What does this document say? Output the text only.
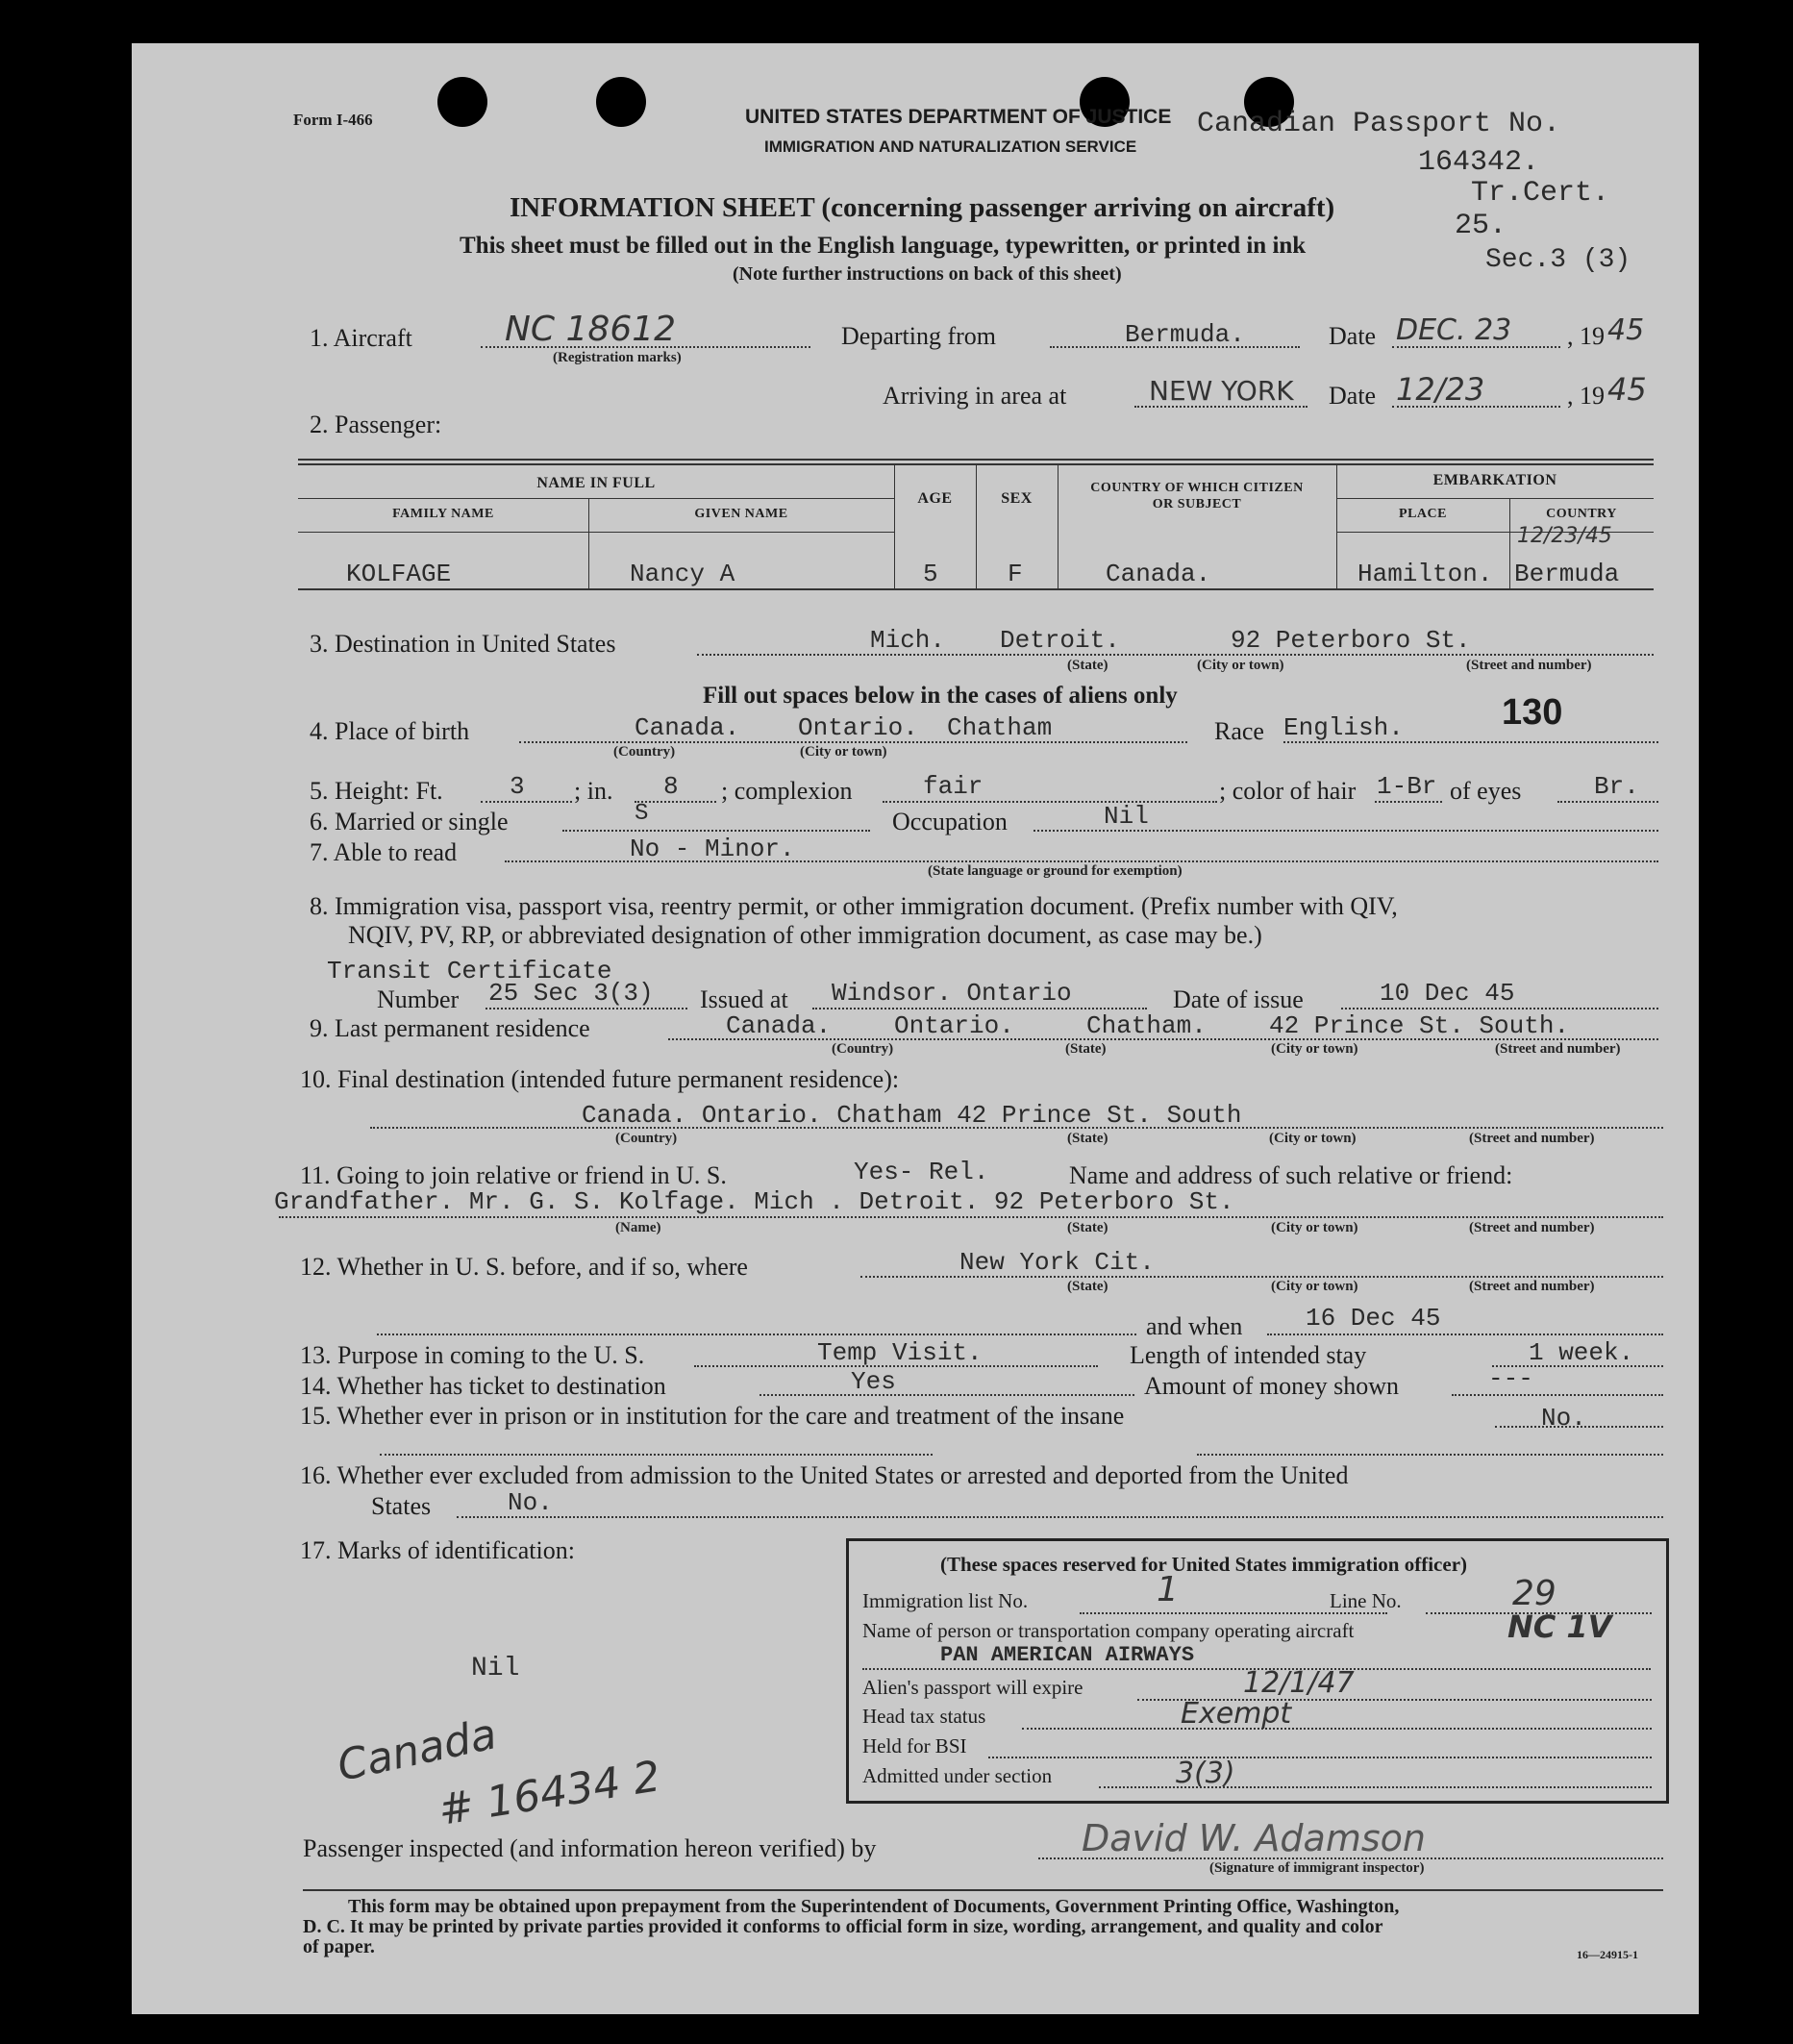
Form I-466	UNITED STATES DEPARTMENT OF JUSTICE
IMMIGRATION AND NATURALIZATION SERVICE
Canadian Passport No.
164342.
Tr.Cert.
25.
Sec.3 (3)
INFORMATION SHEET (concerning passenger arriving on aircraft)
This sheet must be filled out in the English language, typewritten, or printed in ink
(Note further instructions on back of this sheet)
1. Aircraft	NC 18612
(Registration marks)
Departing from	Bermuda.	Date DEC. 23 , 19 45
Arriving in area at	NEW YORK Date 12/23	, 19 45
2. Passenger:
NAME IN FULL
FAMILY NAME	GIVEN NAME
AGE	SEX
COUNTRY OF WHICH CITIZEN
OR SUBJECT
EMBARKATION
PLACE	COUNTRY
KOLFAGE	Nancy A	5	F	Canada.	Hamilton. Bermuda
12/23/45
3. Destination in United States	Mich. Detroit.	92 Peterboro St.
(State)	(City or town)	(Street and number)
Fill out spaces below in the cases of aliens only	130
4. Place of birth	Canada. Ontario. Chatham
(Country)	(City or town)
Race English.
5. Height: Ft.	3 ; in. 8 ; complexion	fair	; color of hair 1-Br of eyes	Br.
6. Married or single	S	Occupation	Nil
7. Able to read	No - Minor.
(State language or ground for exemption)
8. Immigration visa, passport visa, reentry permit, or other immigration document. (Prefix number with QIV,
NQIV, PV, RP, or abbreviated designation of other immigration document, as case may be.)
Transit Certificate
Number 25 Sec 3(3) Issued at Windsor. Ontario	Date of issue	10 Dec 45
9. Last permanent residence	Canada.	Ontario.	Chatham.	42 Prince St. South.
(Country)	(State)	(City or town)	(Street and number)
10. Final destination (intended future permanent residence):
Canada. Ontario. Chatham 42 Prince St. South
(Country)	(State)	(City or town)	(Street and number)
11. Going to join relative or friend in U. S.	Yes- Rel.	Name and address of such relative or friend:
Grandfather. Mr. G. S. Kolfage. Mich . Detroit. 92 Peterboro St.
(Name)	(State)	(City or town)	(Street and number)
12. Whether in U. S. before, and if so, where	New York Cit.
(State)	(City or town)	(Street and number)
and when	16 Dec 45
13. Purpose in coming to the U. S.	Temp Visit.	Length of intended stay	1 week.
14. Whether has ticket to destination	Yes	Amount of money shown	---
15. Whether ever in prison or in institution for the care and treatment of the insane	No.
16. Whether ever excluded from admission to the United States or arrested and deported from the United
States	No.
17. Marks of identification:
Nil
Canada
# 16434 2
(These spaces reserved for United States immigration officer)
Immigration list No.	1	Line No.	29
Name of person or transportation company operating aircraft	NC 1V
PAN AMERICAN AIRWAYS
Alien's passport will expire	12/1/47
Head tax status	Exempt
Held for BSI
Admitted under section	3(3)
Passenger inspected (and information hereon verified) by	David W. Adamson
(Signature of immigrant inspector)
This form may be obtained upon prepayment from the Superintendent of Documents, Government Printing Office, Washington,
D. C. It may be printed by private parties provided it conforms to official form in size, wording, arrangement, and quality and color
of paper.	16—24915-1
